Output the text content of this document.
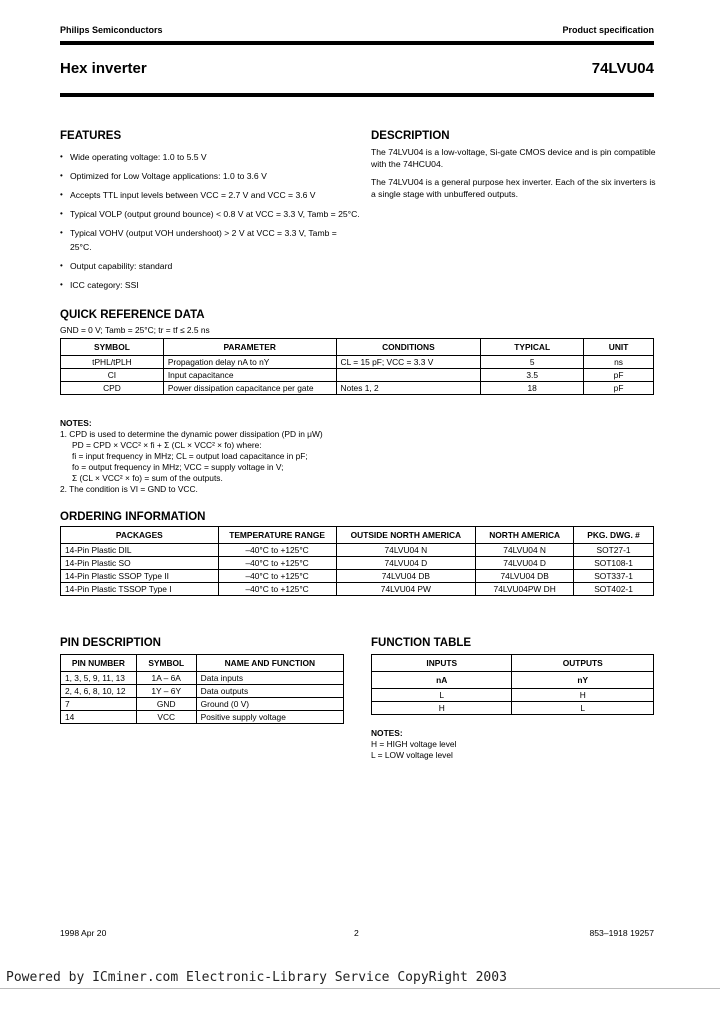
Philips Semiconductors	Product specification
Hex inverter	74LVU04
FEATURES
• Wide operating voltage: 1.0 to 5.5 V
• Optimized for Low Voltage applications: 1.0 to 3.6 V
• Accepts TTL input levels between VCC = 2.7 V and VCC = 3.6 V
• Typical VOLP (output ground bounce) < 0.8 V at VCC = 3.3 V, Tamb = 25°C.
• Typical VOHV (output VOH undershoot) > 2 V at VCC = 3.3 V, Tamb = 25°C.
• Output capability: standard
• ICC category: SSI
DESCRIPTION

The 74LVU04 is a low-voltage, Si-gate CMOS device and is pin compatible with the 74HCU04.

The 74LVU04 is a general purpose hex inverter. Each of the six inverters is a single stage with unbuffered outputs.

QUICK REFERENCE DATA
GND = 0 V; Tamb = 25°C; tr = tf ≤ 2.5 ns
SYMBOL	PARAMETER	CONDITIONS	TYPICAL	UNIT
tPHL/tPLH	Propagation delay nA to nY	CL = 15 pF; VCC = 3.3 V	5	ns
CI	Input capacitance		3.5	pF
CPD	Power dissipation capacitance per gate	Notes 1, 2	18	pF
NOTES:
1. CPD is used to determine the dynamic power dissipation (PD in μW)
PD = CPD × VCC² × fi + Σ (CL × VCC² × fo) where:
fi = input frequency in MHz; CL = output load capacitance in pF;
fo = output frequency in MHz; VCC = supply voltage in V;
Σ (CL × VCC² × fo) = sum of the outputs.
2. The condition is VI = GND to VCC.
ORDERING INFORMATION
PACKAGES	TEMPERATURE RANGE	OUTSIDE NORTH AMERICA	NORTH AMERICA	PKG. DWG. #
14-Pin Plastic DIL	–40°C to +125°C	74LVU04 N	74LVU04 N	SOT27-1
14-Pin Plastic SO	–40°C to +125°C	74LVU04 D	74LVU04 D	SOT108-1
14-Pin Plastic SSOP Type II	–40°C to +125°C	74LVU04 DB	74LVU04 DB	SOT337-1
14-Pin Plastic TSSOP Type I	–40°C to +125°C	74LVU04 PW	74LVU04PW DH	SOT402-1
PIN DESCRIPTION
PIN NUMBER	SYMBOL	NAME AND FUNCTION
1, 3, 5, 9, 11, 13	1A – 6A	Data inputs
2, 4, 6, 8, 10, 12	1Y – 6Y	Data outputs
7	GND	Ground (0 V)
14	VCC	Positive supply voltage
FUNCTION TABLE
INPUTS	OUTPUTS
nA	nY
L	H
H	L
NOTES:
H = HIGH voltage level
L = LOW voltage level
1998 Apr 20	2	853–1918 19257
Powered by ICminer.com Electronic-Library Service CopyRight 2003
